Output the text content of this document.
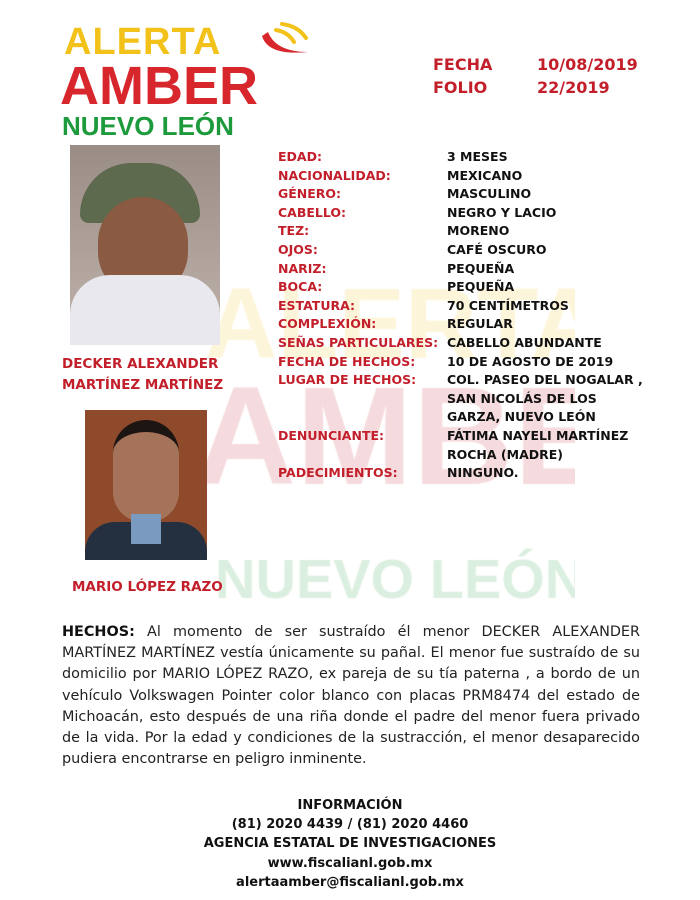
ALERTA
AMBER
NUEVO LEÓN
FECHA	10/08/2019
FOLIO	22/2019
DECKER ALEXANDER
MARTÍNEZ MARTÍNEZ
MARIO LÓPEZ RAZO
EDAD:	3 MESES
NACIONALIDAD:	MEXICANO
GÉNERO:	MASCULINO
CABELLO:	NEGRO Y LACIO
TEZ:	MORENO
OJOS:	CAFÉ OSCURO
NARIZ:	PEQUEÑA
BOCA:	PEQUEÑA
ESTATURA:	70 CENTÍMETROS
COMPLEXIÓN:	REGULAR
SEÑAS PARTICULARES: CABELLO ABUNDANTE
FECHA DE HECHOS:	10 DE AGOSTO DE 2019
LUGAR DE HECHOS:	COL. PASEO DEL NOGALAR , SAN NICOLÁS DE LOS GARZA, NUEVO LEÓN
DENUNCIANTE:	FÁTIMA NAYELI MARTÍNEZ ROCHA (MADRE)
PADECIMIENTOS:	NINGUNO.
HECHOS: Al momento de ser sustraído él menor DECKER ALEXANDER MARTÍNEZ MARTÍNEZ vestía únicamente su pañal. El menor fue sustraído de su domicilio por MARIO LÓPEZ RAZO, ex pareja de su tía paterna , a bordo de un vehículo Volkswagen Pointer color blanco con placas PRM8474 del estado de Michoacán, esto después de una riña donde el padre del menor fuera privado de la vida. Por la edad y condiciones de la sustracción, el menor desaparecido pudiera encontrarse en peligro inminente.
INFORMACIÓN
(81) 2020 4439 / (81) 2020 4460
AGENCIA ESTATAL DE INVESTIGACIONES
www.fiscalianl.gob.mx
alertaamber@fiscalianl.gob.mx
